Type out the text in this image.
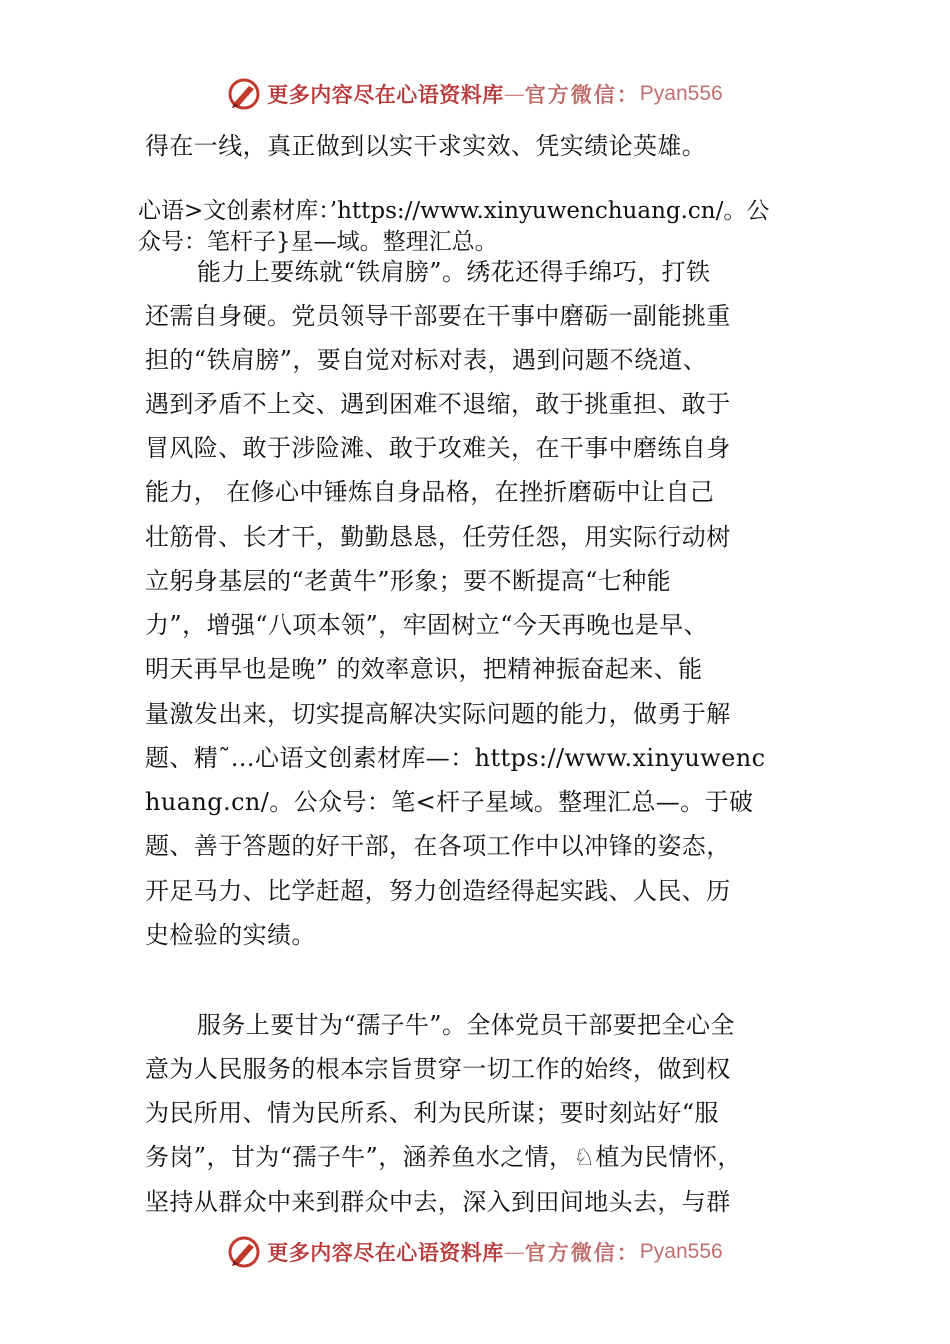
更多内容尽在心语资料库 — 官方微信： Pyan556
得在一线，真正做到以实干求实效、凭实绩论英雄。
心语>文创素材库：’https://www.xinyuwenchuang.cn/。公
众号：笔杆子}星—域。整理汇总。
能力上要练就“铁肩膀”。绣花还得手绵巧，打铁
还需自身硬。党员领导干部要在干事中磨砺一副能挑重
担的“铁肩膀”，要自觉对标对表，遇到问题不绕道、
遇到矛盾不上交、遇到困难不退缩，敢于挑重担、敢于
冒风险、敢于涉险滩、敢于攻难关，在干事中磨练自身
能力， 在修心中锤炼自身品格，在挫折磨砺中让自己
壮筋骨、长才干，勤勤恳恳，任劳任怨，用实际行动树
立躬身基层的“老黄牛”形象；要不断提高“七种能
力”，增强“八项本领”，牢固树立“今天再晚也是早、
明天再早也是晚” 的效率意识，把精神振奋起来、能
量激发出来，切实提高解决实际问题的能力，做勇于解
题、精˜…心语文创素材库—：https://www.xinyuwenc
huang.cn/。公众号：笔<杆子星域。整理汇总—。于破
题、善于答题的好干部，在各项工作中以冲锋的姿态，
开足马力、比学赶超，努力创造经得起实践、人民、历
史检验的实绩。
服务上要甘为“孺子牛”。全体党员干部要把全心全
意为人民服务的根本宗旨贯穿一切工作的始终，做到权
为民所用、情为民所系、利为民所谋；要时刻站好“服
务岗”，甘为“孺子牛”，涵养鱼水之情，♘植为民情怀，
坚持从群众中来到群众中去，深入到田间地头去，与群
更多内容尽在心语资料库 — 官方微信： Pyan556
